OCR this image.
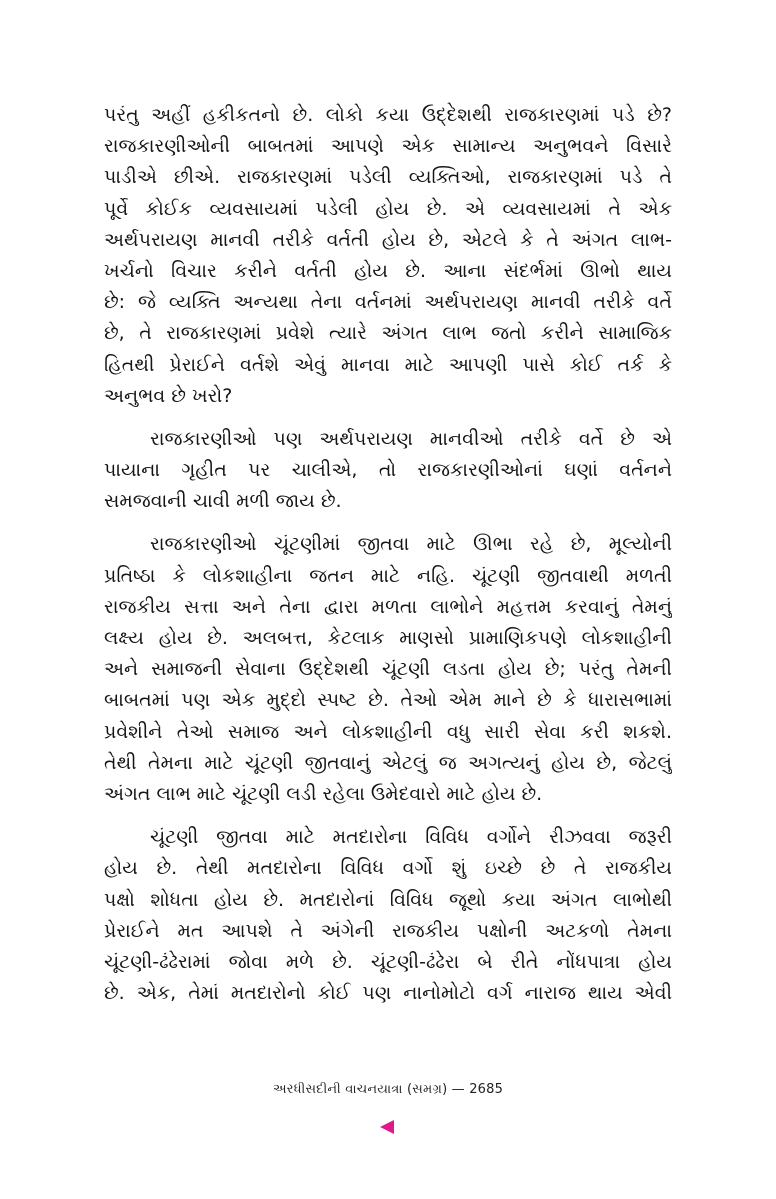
પરંતુ અહીં હકીકતનો છે. લોકો કયા ઉદ્દેશથી રાજકારણમાં પડે છે?
રાજકારણીઓની બાબતમાં આપણે એક સામાન્ય અનુભવને વિસારે
પાડીએ છીએ. રાજકારણમાં પડેલી વ્યક્તિઓ, રાજકારણમાં પડે તે
પૂર્વે કોઈક વ્યવસાયમાં પડેલી હોય છે. એ વ્યવસાયમાં તે એક
અર્થપરાયણ માનવી તરીકે વર્તતી હોય છે, એટલે કે તે અંગત લાભ-
ખર્ચનો વિચાર કરીને વર્તતી હોય છે. આના સંદર્ભમાં ઊભો થાય
છે: જે વ્યક્તિ અન્યથા તેના વર્તનમાં અર્થપરાયણ માનવી તરીકે વર્તે
છે, તે રાજકારણમાં પ્રવેશે ત્યારે અંગત લાભ જતો કરીને સામાજિક
હિતથી પ્રેરાઈને વર્તશે એવું માનવા માટે આપણી પાસે કોઈ તર્ક કે
અનુભવ છે ખરો?
રાજકારણીઓ પણ અર્થપરાયણ માનવીઓ તરીકે વર્તે છે એ
પાયાના ગૃહીત પર ચાલીએ, તો રાજકારણીઓનાં ઘણાં વર્તનને
સમજવાની ચાવી મળી જાય છે.
રાજકારણીઓ ચૂંટણીમાં જીતવા માટે ઊભા રહે છે, મૂલ્યોની
પ્રતિષ્ઠા કે લોકશાહીના જતન માટે નહિ. ચૂંટણી જીતવાથી મળતી
રાજકીય સત્તા અને તેના દ્વારા મળતા લાભોને મહત્તમ કરવાનું તેમનું
લક્ષ્ય હોય છે. અલબત્ત, કેટલાક માણસો પ્રામાણિકપણે લોકશાહીની
અને સમાજની સેવાના ઉદ્દેશથી ચૂંટણી લડતા હોય છે; પરંતુ તેમની
બાબતમાં પણ એક મુદ્દો સ્પષ્ટ છે. તેઓ એમ માને છે કે ધારાસભામાં
પ્રવેશીને તેઓ સમાજ અને લોકશાહીની વધુ સારી સેવા કરી શકશે.
તેથી તેમના માટે ચૂંટણી જીતવાનું એટલું જ અગત્યનું હોય છે, જેટલું
અંગત લાભ માટે ચૂંટણી લડી રહેલા ઉમેદવારો માટે હોય છે.
ચૂંટણી જીતવા માટે મતદારોના વિવિધ વર્ગોને રીઝવવા જરૂરી
હોય છે. તેથી મતદારોના વિવિધ વર્ગો શું ઇચ્છે છે તે રાજકીય
પક્ષો શોધતા હોય છે. મતદારોનાં વિવિધ જૂથો કયા અંગત લાભોથી
પ્રેરાઈને મત આપશે તે અંગેની રાજકીય પક્ષોની અટકળો તેમના
ચૂંટણી-ઢંઢેરામાં જોવા મળે છે. ચૂંટણી-ઢંઢેરા બે રીતે નોંધપાત્રા હોય
છે. એક, તેમાં મતદારોનો કોઈ પણ નાનોમોટો વર્ગ નારાજ થાય એવી
અરધીસદીની વાચનયાત્રા (સમગ્ર) — 2685
